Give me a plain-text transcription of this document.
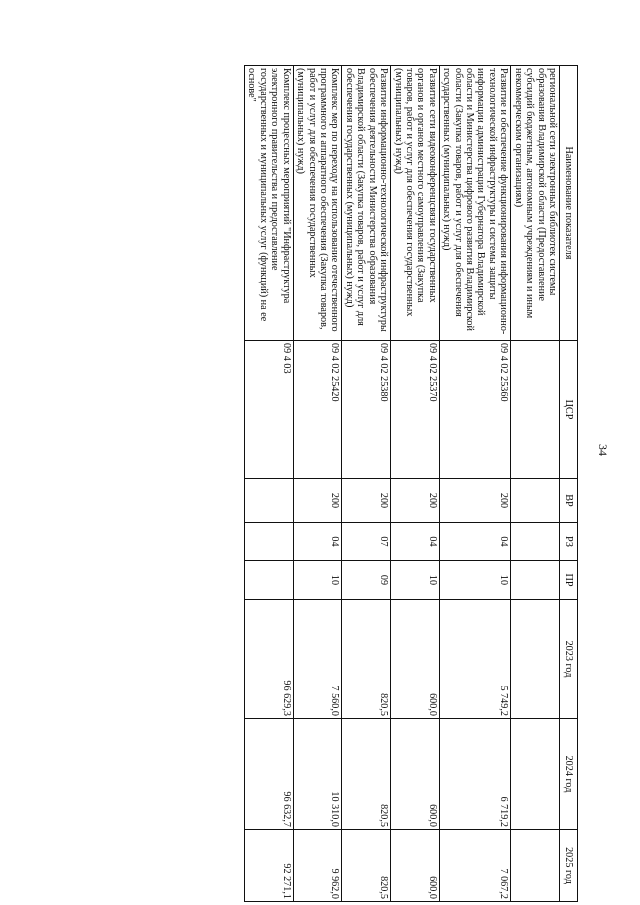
34
Наименование показателя	ЦСР	ВР	РЗ	ПР	2023 год	2024 год	2025 год
региональной сети электронных библиотек системы образования Владимирской области (Предоставление субсидий бюджетным, автономным учреждениям и иным некоммерческим организациям)							
Развитие и обеспечение функционирования информационно-технологической инфраструктуры и системы защиты информации администрации Губернатора Владимирской области и Министерства цифрового развития Владимирской области (Закупка товаров, работ и услуг для обеспечения государственных (муниципальных) нужд)	09 4 02 25360	200	04	10	5 749,2	6 719,2	7 067,2
Развитие сети видеоконференцсвязи государственных органов и органов местного самоуправления (Закупка товаров, работ и услуг для обеспечения государственных (муниципальных) нужд)	09 4 02 25370	200	04	10	600,0	600,0	600,0
Развитие информационно-технологической инфраструктуры обеспечения деятельности Министерства образования Владимирской области (Закупка товаров, работ и услуг для обеспечения государственных (муниципальных) нужд)	09 4 02 25380	200	07	09	820,5	820,5	820,5
Комплекс мер по переходу на использование отечественного программного и аппаратного обеспечения (Закупка товаров, работ и услуг для обеспечения государственных (муниципальных) нужд)	09 4 02 25420	200	04	10	7 560,0	10 310,0	9 962,0
Комплекс процессных мероприятий "Инфраструктура электронного правительства и предоставление государственных и муниципальных услуг (функций) на ее основе"	09 4 03				96 629,3	96 632,7	92 271,1
